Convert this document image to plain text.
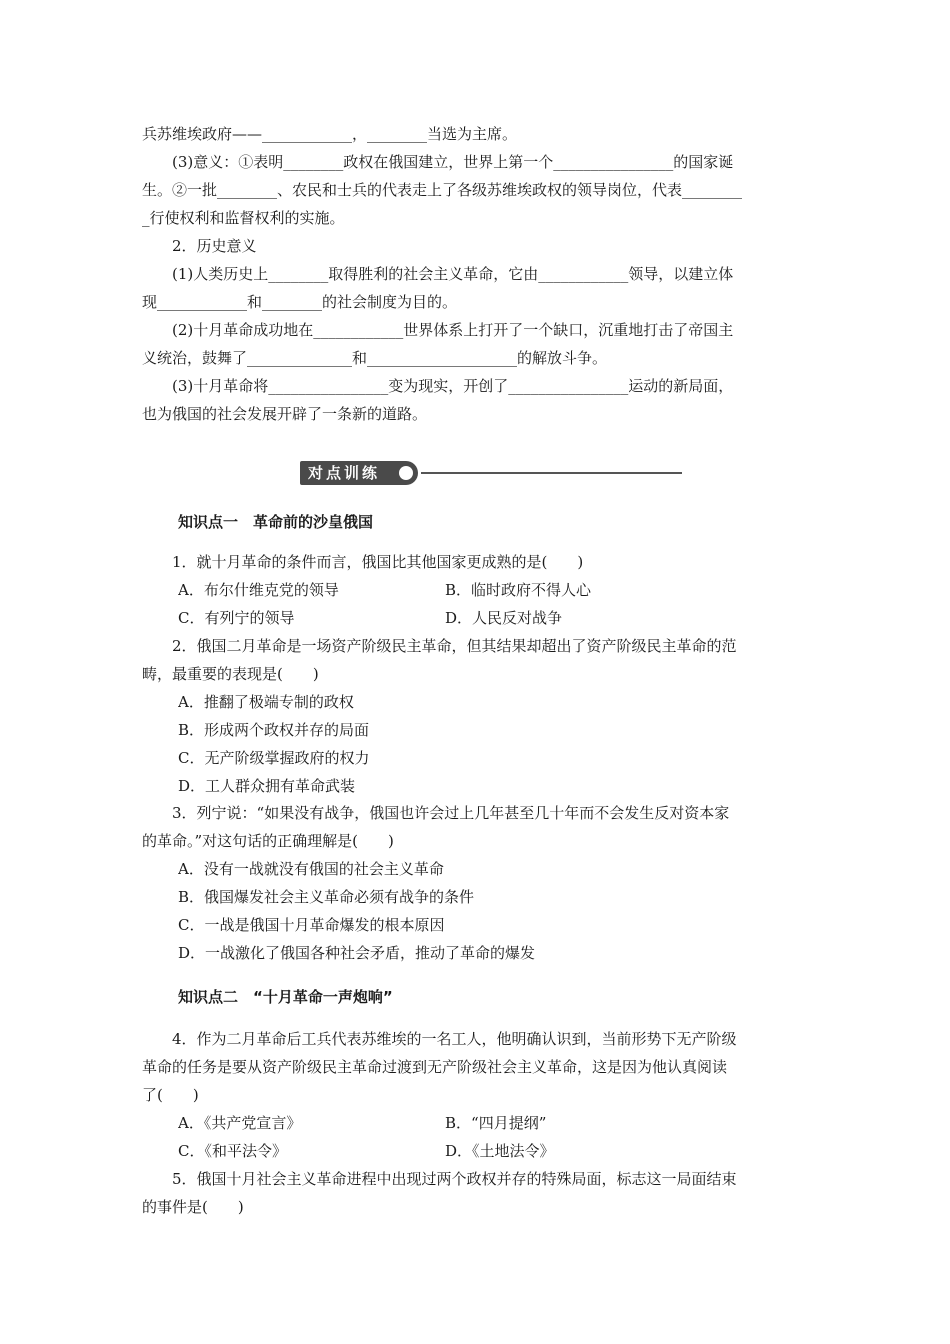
兵苏维埃政府——____________，________当选为主席。
(3)意义：①表明________政权在俄国建立，世界上第一个________________的国家诞
生。②一批________、农民和士兵的代表走上了各级苏维埃政权的领导岗位，代表________
_行使权利和监督权利的实施。
2．历史意义
(1)人类历史上________取得胜利的社会主义革命，它由____________领导，以建立体
现____________和________的社会制度为目的。
(2)十月革命成功地在____________世界体系上打开了一个缺口，沉重地打击了帝国主
义统治，鼓舞了______________和____________________的解放斗争。
(3)十月革命将________________变为现实，开创了________________运动的新局面，
也为俄国的社会发展开辟了一条新的道路。
对点训练
知识点一　革命前的沙皇俄国
1．就十月革命的条件而言，俄国比其他国家更成熟的是(　　)
A．布尔什维克党的领导	B．临时政府不得人心
C．有列宁的领导	D．人民反对战争
2．俄国二月革命是一场资产阶级民主革命，但其结果却超出了资产阶级民主革命的范
畴，最重要的表现是(　　)
A．推翻了极端专制的政权
B．形成两个政权并存的局面
C．无产阶级掌握政府的权力
D．工人群众拥有革命武装
3．列宁说：“如果没有战争，俄国也许会过上几年甚至几十年而不会发生反对资本家
的革命。”对这句话的正确理解是(　　)
A．没有一战就没有俄国的社会主义革命
B．俄国爆发社会主义革命必须有战争的条件
C．一战是俄国十月革命爆发的根本原因
D．一战激化了俄国各种社会矛盾，推动了革命的爆发
知识点二　“十月革命一声炮响”
4．作为二月革命后工兵代表苏维埃的一名工人，他明确认识到，当前形势下无产阶级
革命的任务是要从资产阶级民主革命过渡到无产阶级社会主义革命，这是因为他认真阅读
了(　　)
A．《共产党宣言》	B．“四月提纲”
C．《和平法令》	D．《土地法令》
5．俄国十月社会主义革命进程中出现过两个政权并存的特殊局面，标志这一局面结束
的事件是(　　)
